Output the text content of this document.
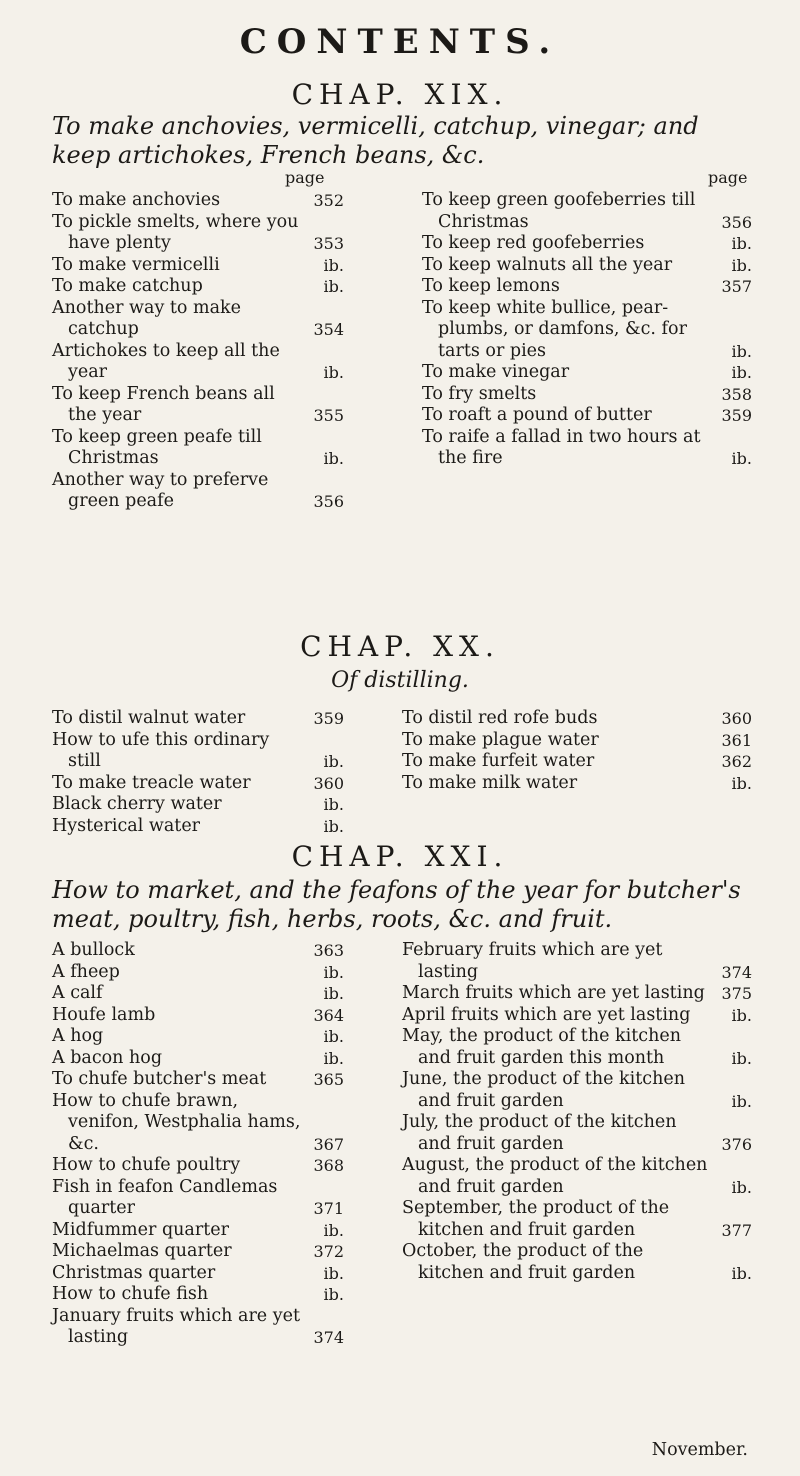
CONTENTS.
CHAP. XIX.
To make anchovies, vermicelli, catchup, vinegar; and
keep artichokes, French beans, &c.
page	page
To make anchovies	352
To pickle smelts, where you have plenty	353
To make vermicelli	ib.
To make catchup	ib.
Another way to make catchup	354
Artichokes to keep all the year	ib.
To keep French beans all the year	355
To keep green peafe till Christmas	ib.
Another way to preferve green peafe	356
To keep green goofeberries till Christmas	356
To keep red goofeberries	ib.
To keep walnuts all the year	ib.
To keep lemons	357
To keep white bullice, pear-plumbs, or damfons, &c. for tarts or pies	ib.
To make vinegar	ib.
To fry smelts	358
To roaft a pound of butter	359
To raife a fallad in two hours at the fire	ib.
CHAP. XX.
Of distilling.
To distil walnut water	359
How to ufe this ordinary still	ib.
To make treacle water	360
Black cherry water	ib.
Hysterical water	ib.
To distil red rofe buds	360
To make plague water	361
To make furfeit water	362
To make milk water	ib.
CHAP. XXI.
How to market, and the feafons of the year for butcher's
meat, poultry, fish, herbs, roots, &c. and fruit.
A bullock	363
A fheep	ib.
A calf	ib.
Houfe lamb	364
A hog	ib.
A bacon hog	ib.
To chufe butcher's meat	365
How to chufe brawn, venifon, Westphalia hams, &c.	367
How to chufe poultry	368
Fish in feafon Candlemas quarter	371
Midfummer quarter	ib.
Michaelmas quarter	372
Christmas quarter	ib.
How to chufe fish	ib.
January fruits which are yet lasting	374
February fruits which are yet lasting	374
March fruits which are yet lasting	375
April fruits which are yet lasting	ib.
May, the product of the kitchen and fruit garden this month	ib.
June, the product of the kitchen and fruit garden	ib.
July, the product of the kitchen and fruit garden	376
August, the product of the kitchen and fruit garden	ib.
September, the product of the kitchen and fruit garden	377
October, the product of the kitchen and fruit garden	ib.
November.
